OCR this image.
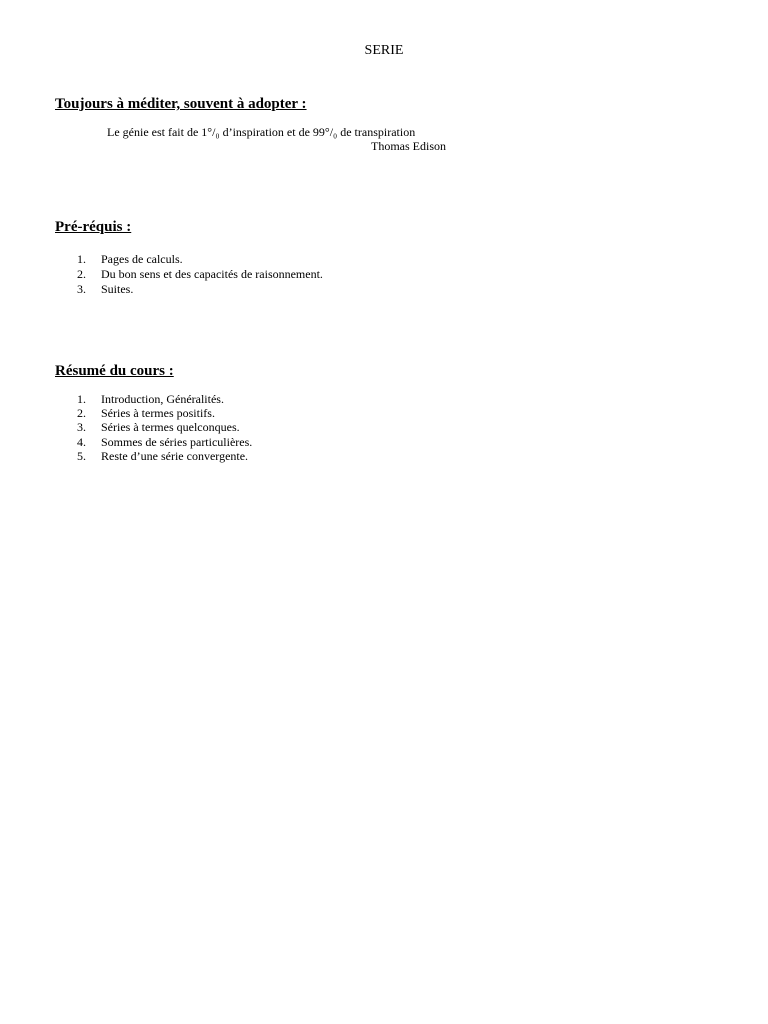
SERIE
Toujours à méditer, souvent à adopter :
Le génie est fait de 1°/₀ d’inspiration et de 99°/₀ de transpiration
Thomas Edison
Pré-réquis :
1.	Pages de calculs.
2.	Du bon sens et des capacités de raisonnement.
3.	Suites.
Résumé du cours :
1.	Introduction, Généralités.
2.	Séries à termes positifs.
3.	Séries à termes quelconques.
4.	Sommes de séries particulières.
5.	Reste d’une série convergente.
